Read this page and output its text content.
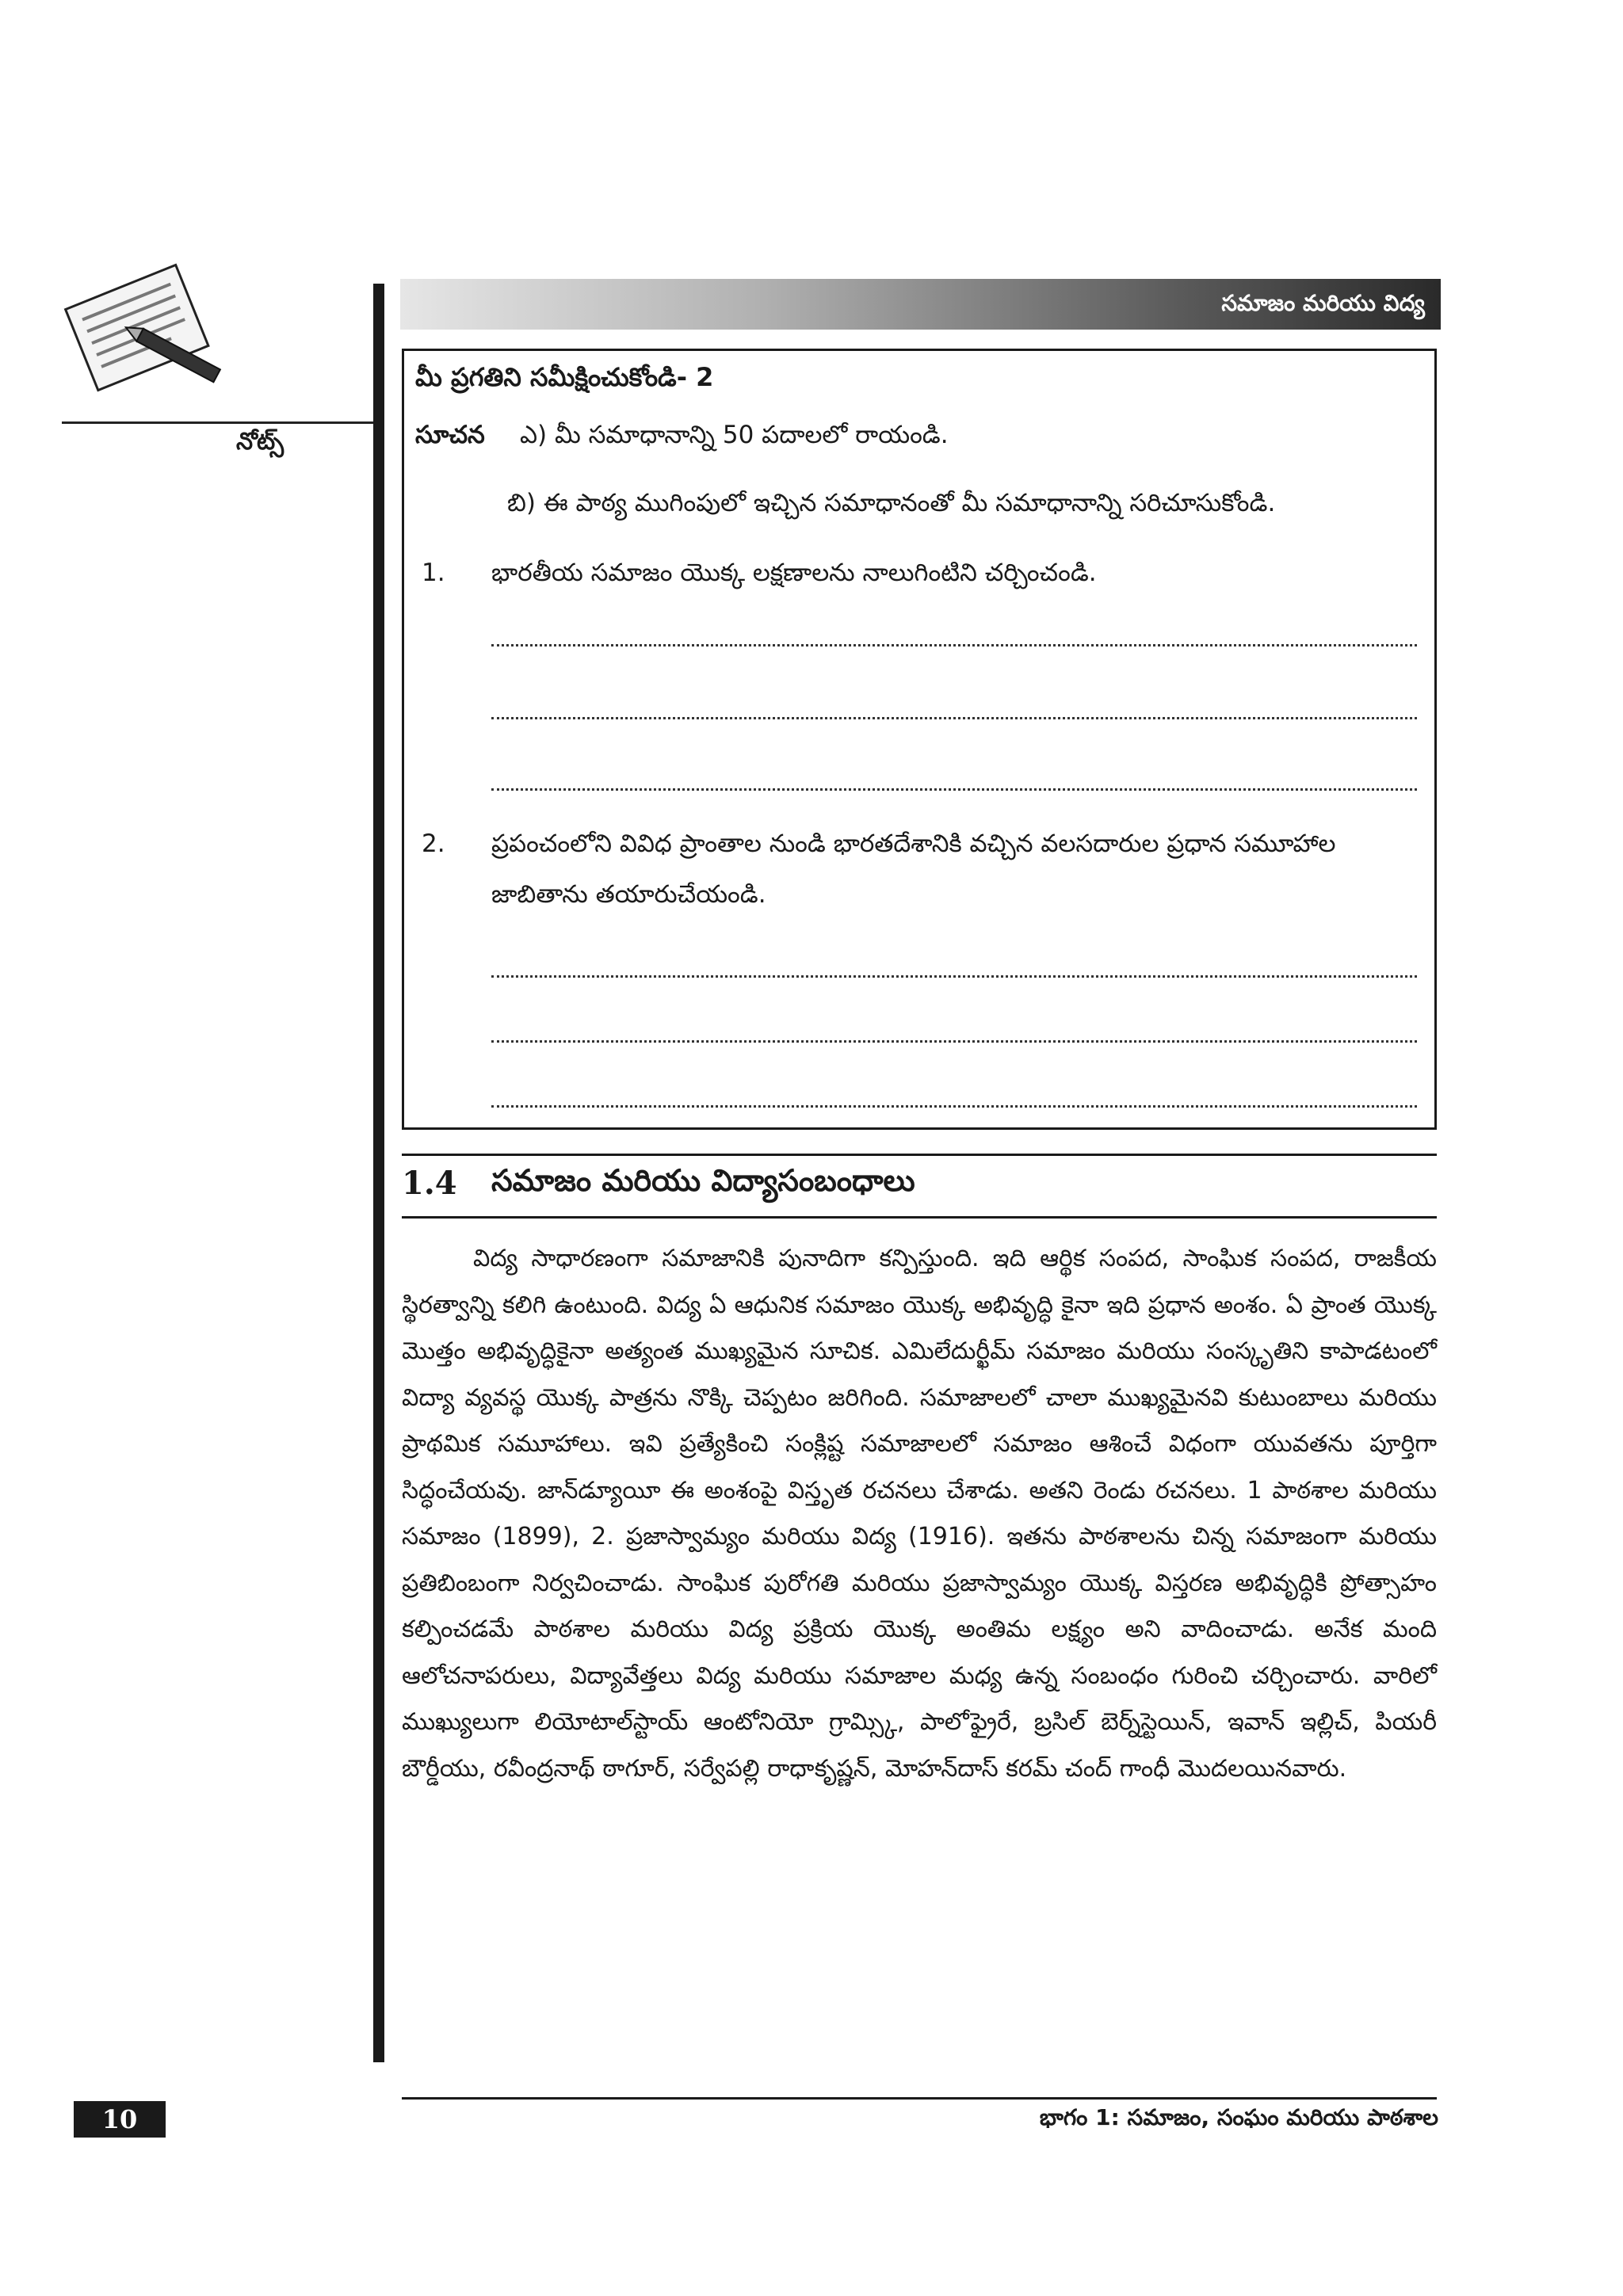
నోట్స్
సమాజం మరియు విద్య
మీ ప్రగతిని సమీక్షించుకోండి- 2
సూచన ఎ) మీ సమాధానాన్ని 50 పదాలలో రాయండి.
బి) ఈ పాఠ్య ముగింపులో ఇచ్చిన సమాధానంతో మీ సమాధానాన్ని సరిచూసుకోండి.
1. భారతీయ సమాజం యొక్క లక్షణాలను నాలుగింటిని చర్చించండి.
2. ప్రపంచంలోని వివిధ ప్రాంతాల నుండి భారతదేశానికి వచ్చిన వలసదారుల ప్రధాన సమూహాల జాబితాను తయారుచేయండి.
1.4 సమాజం మరియు విద్యాసంబంధాలు
విద్య సాధారణంగా సమాజానికి పునాదిగా కన్పిస్తుంది. ఇది ఆర్థిక సంపద, సాంఘిక సంపద, రాజకీయ స్థిరత్వాన్ని కలిగి ఉంటుంది. విద్య ఏ ఆధునిక సమాజం యొక్క అభివృద్ధి కైనా ఇది ప్రధాన అంశం. ఏ ప్రాంత యొక్క మొత్తం అభివృద్ధికైనా అత్యంత ముఖ్యమైన సూచిక. ఎమిలేదుర్ఖీమ్ సమాజం మరియు సంస్కృతిని కాపాడటంలో విద్యా వ్యవస్థ యొక్క పాత్రను నొక్కి చెప్పటం జరిగింది. సమాజాలలో చాలా ముఖ్యమైనవి కుటుంబాలు మరియు ప్రాథమిక సమూహాలు. ఇవి ప్రత్యేకించి సంక్లిష్ట సమాజాలలో సమాజం ఆశించే విధంగా యువతను పూర్తిగా సిద్ధంచేయవు. జాన్‌డ్యూయీ ఈ అంశంపై విస్తృత రచనలు చేశాడు. అతని రెండు రచనలు. 1 పాఠశాల మరియు సమాజం (1899), 2. ప్రజాస్వామ్యం మరియు విద్య (1916). ఇతను పాఠశాలను చిన్న సమాజంగా మరియు ప్రతిబింబంగా నిర్వచించాడు. సాంఘిక పురోగతి మరియు ప్రజాస్వామ్యం యొక్క విస్తరణ అభివృద్ధికి ప్రోత్సాహం కల్పించడమే పాఠశాల మరియు విద్య ప్రక్రియ యొక్క అంతిమ లక్ష్యం అని వాదించాడు. అనేక మంది ఆలోచనాపరులు, విద్యావేత్తలు విద్య మరియు సమాజాల మధ్య ఉన్న సంబంధం గురించి చర్చించారు. వారిలో ముఖ్యులుగా లియోటాల్‌స్టాయ్ ఆంటోనియో గ్రామ్స్కి, పాలోఫ్రైరే, బ్రసిల్ బెర్న్‌స్టెయిన్, ఇవాన్ ఇల్లిచ్, పియరీ బౌర్డీయు, రవీంద్రనాథ్ ఠాగూర్, సర్వేపల్లి రాధాకృష్ణన్, మోహన్‌దాస్ కరమ్ చంద్ గాంధీ మొదలయినవారు.
10	భాగం 1: సమాజం, సంఘం మరియు పాఠశాల
